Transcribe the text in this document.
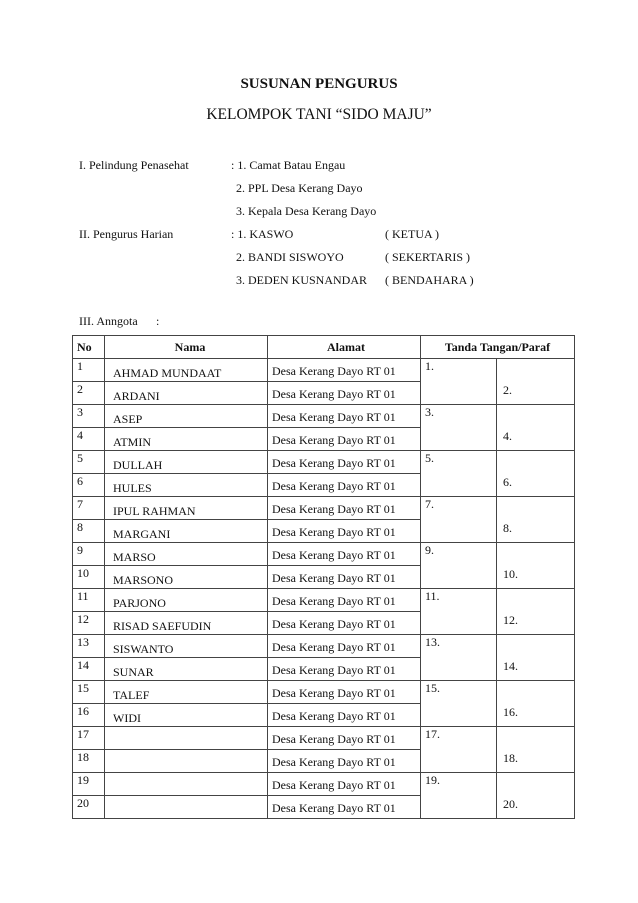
SUSUNAN PENGURUS
KELOMPOK TANI “SIDO MAJU”
I. Pelindung Penasehat	: 1. Camat Batau Engau
2. PPL Desa Kerang Dayo
3. Kepala Desa Kerang Dayo
II. Pengurus Harian	: 1. KASWO	( KETUA )
2. BANDI SISWOYO	( SEKERTARIS )
3. DEDEN KUSNANDAR ( BENDAHARA )
III. Anngota :
No	Nama	Alamat	Tanda Tangan/Paraf	
1	AHMAD MUNDAAT	Desa Kerang Dayo RT 01	1.	2.

2	ARDANI	Desa Kerang Dayo RT 01		

3	ASEP	Desa Kerang Dayo RT 01	3.	4.

4	ATMIN	Desa Kerang Dayo RT 01		

5	DULLAH	Desa Kerang Dayo RT 01	5.	6.

6	HULES	Desa Kerang Dayo RT 01		

7	IPUL RAHMAN	Desa Kerang Dayo RT 01	7.	8.

8	MARGANI	Desa Kerang Dayo RT 01		

9	MARSO	Desa Kerang Dayo RT 01	9.	10.

10	MARSONO	Desa Kerang Dayo RT 01		

11	PARJONO	Desa Kerang Dayo RT 01	11.	12.

12	RISAD SAEFUDIN	Desa Kerang Dayo RT 01		

13	SISWANTO	Desa Kerang Dayo RT 01	13.	14.

14	SUNAR	Desa Kerang Dayo RT 01		

15	TALEF	Desa Kerang Dayo RT 01	15.	16.

16	WIDI	Desa Kerang Dayo RT 01		

17		Desa Kerang Dayo RT 01	17.	18.

18		Desa Kerang Dayo RT 01		

19		Desa Kerang Dayo RT 01	19.	20.

20		Desa Kerang Dayo RT 01		
